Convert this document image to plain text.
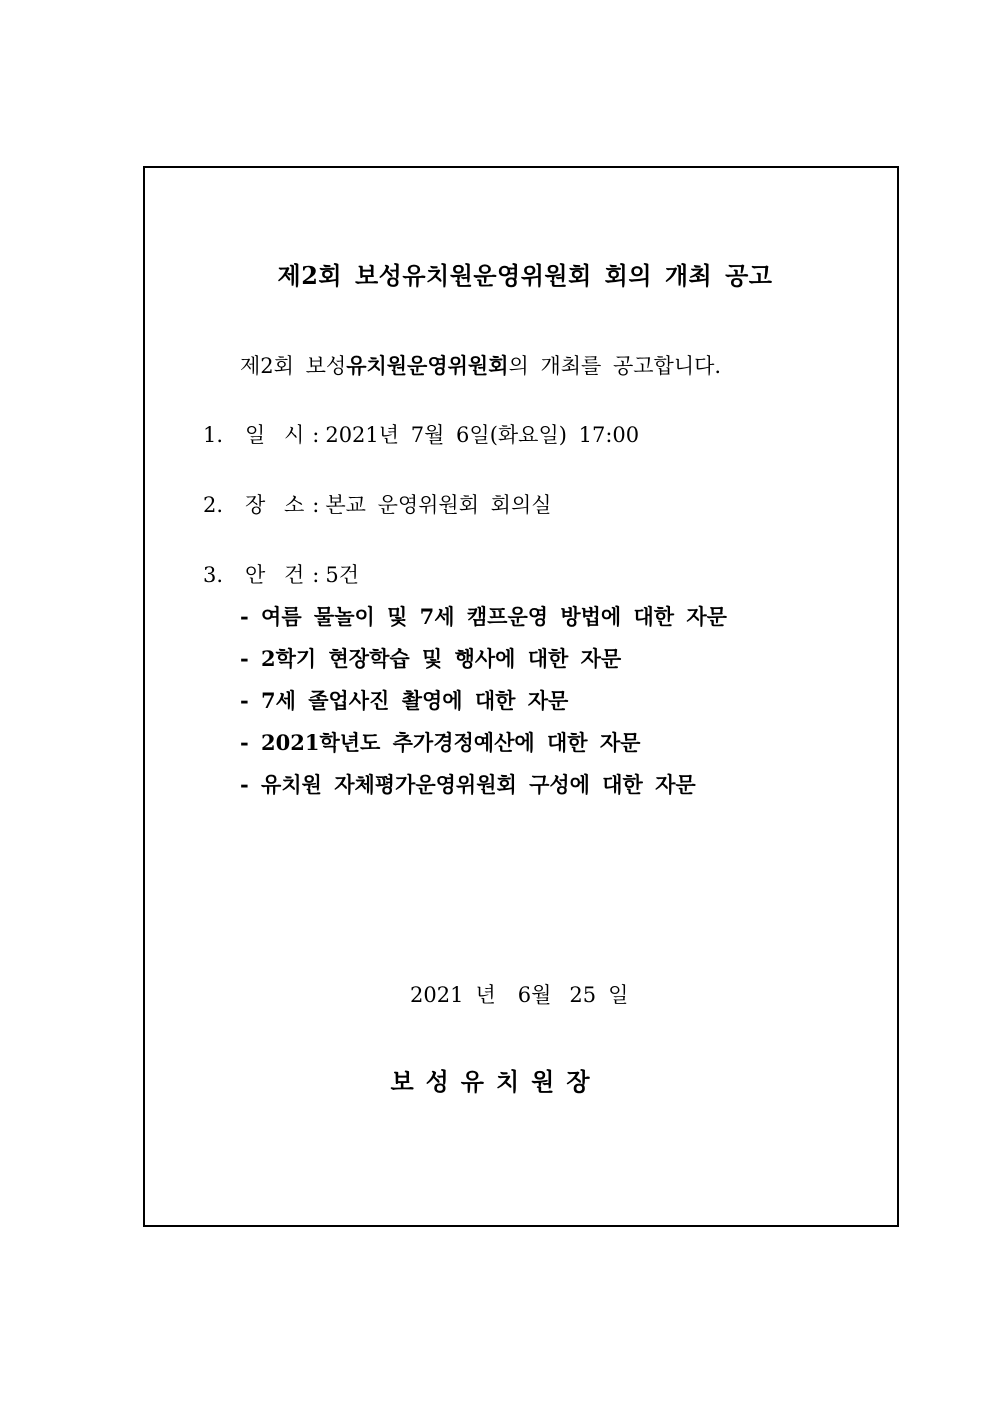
제2회 보성유치원운영위원회 회의 개최 공고
제2회 보성유치원운영위원회의 개최를 공고합니다.
1. 일 시 : 2021년 7월 6일(화요일) 17:00
2. 장 소 : 본교 운영위원회 회의실
3. 안 건 : 5건
- 여름 물놀이 및 7세 캠프운영 방법에 대한 자문
- 2학기 현장학습 및 행사에 대한 자문
- 7세 졸업사진 촬영에 대한 자문
- 2021학년도 추가경정예산에 대한 자문
- 유치원 자체평가운영위원회 구성에 대한 자문
2021 년 6월 25 일
보성유치원장
